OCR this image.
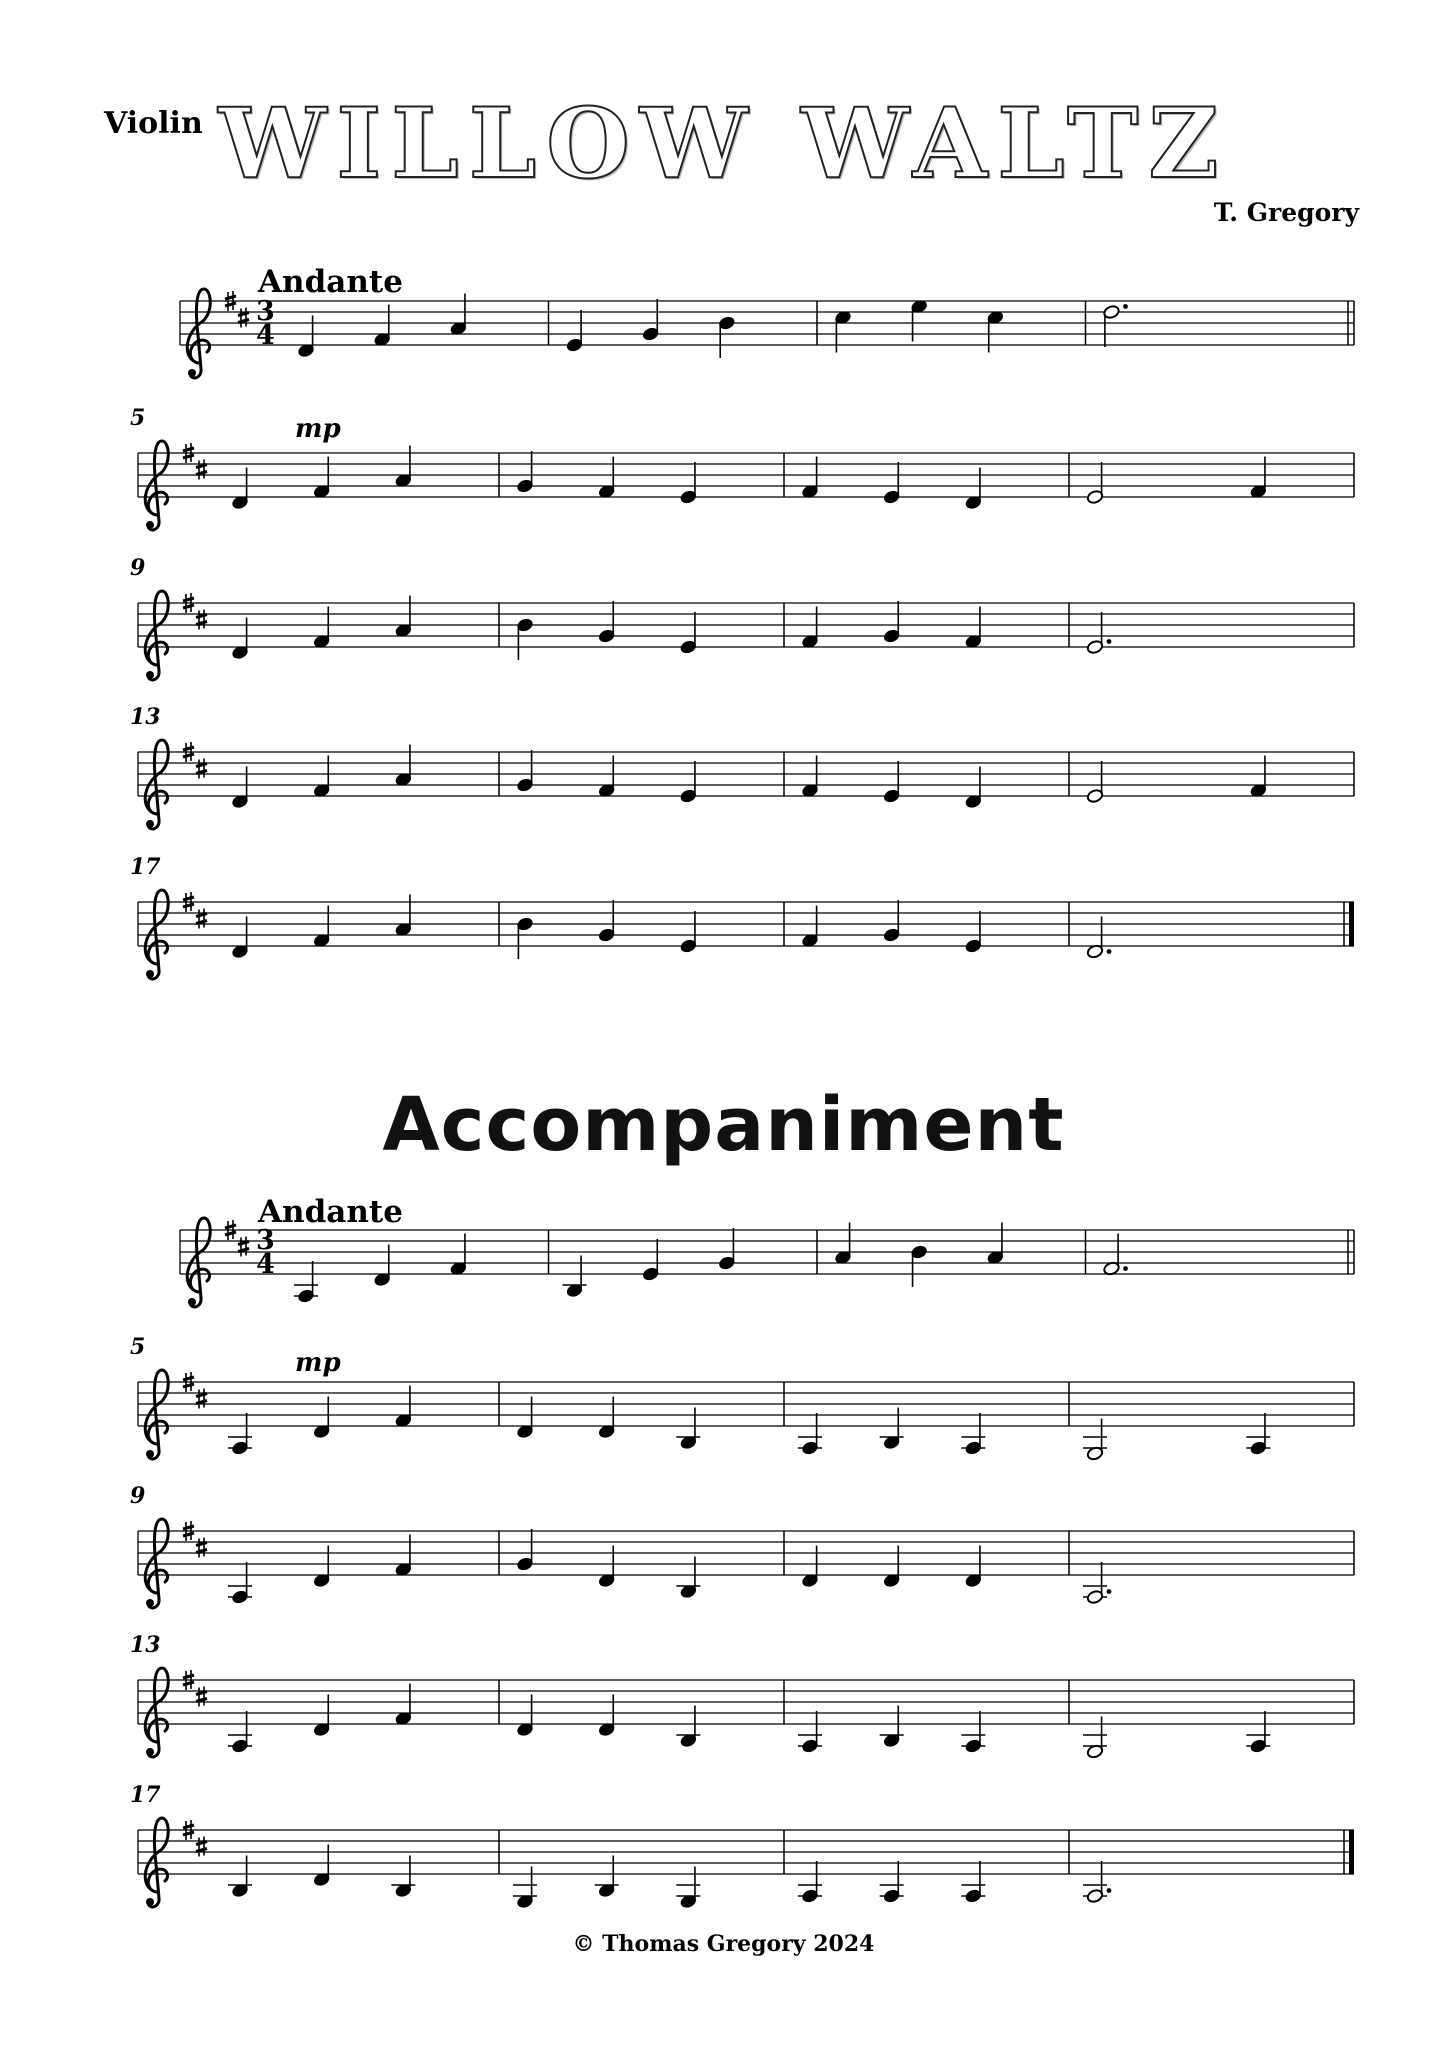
Violin WILLOW WALTZ
T. Gregory
Accompaniment
© Thomas Gregory 2024
Andante
mp
3
4
5
9
13
17
Andante
mp
3
4
5
9
13
17
